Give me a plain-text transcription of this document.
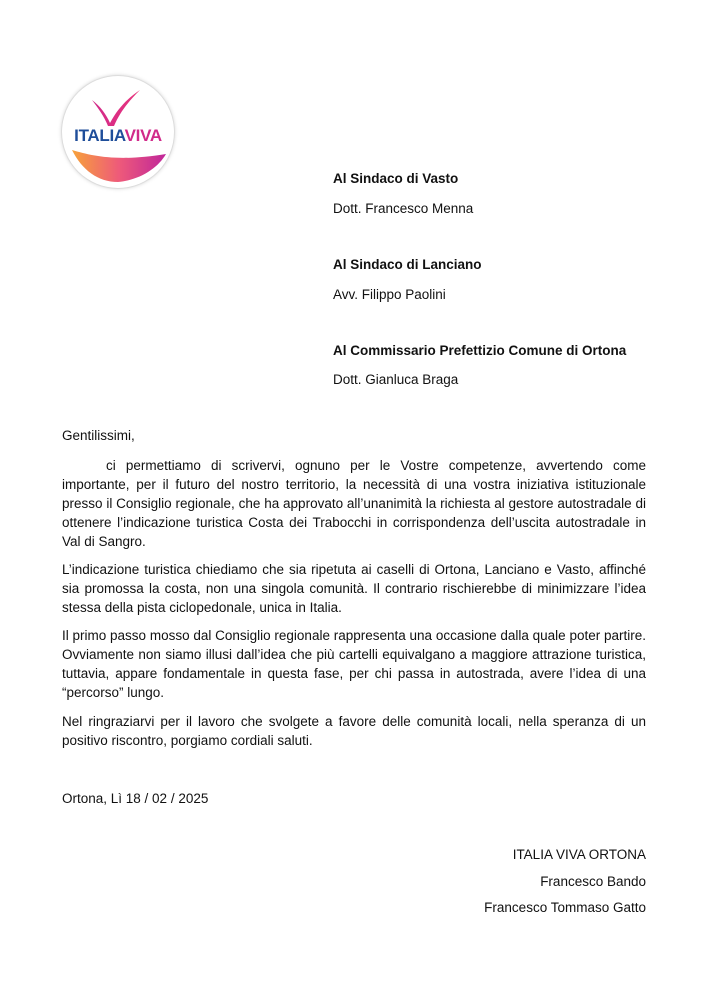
ITALIAVIVA
Al Sindaco di Vasto
Dott. Francesco Menna
Al Sindaco di Lanciano
Avv. Filippo Paolini
Al Commissario Prefettizio Comune di Ortona
Dott. Gianluca Braga
Gentilissimi,

ci permettiamo di scrivervi, ognuno per le Vostre competenze, avvertendo come importante, per il futuro del nostro territorio, la necessità di una vostra iniziativa istituzionale presso il Consiglio regionale, che ha approvato all’unanimità la richiesta al gestore autostradale di ottenere l’indicazione turistica Costa dei Trabocchi in corrispondenza dell’uscita autostradale in Val di Sangro.

L’indicazione turistica chiediamo che sia ripetuta ai caselli di Ortona, Lanciano e Vasto, affinché sia promossa la costa, non una singola comunità. Il contrario rischierebbe di minimizzare l’idea stessa della pista ciclopedonale, unica in Italia.

Il primo passo mosso dal Consiglio regionale rappresenta una occasione dalla quale poter partire. Ovviamente non siamo illusi dall’idea che più cartelli equivalgano a maggiore attrazione turistica, tuttavia, appare fondamentale in questa fase, per chi passa in autostrada, avere l’idea di una “percorso” lungo.

Nel ringraziarvi per il lavoro che svolgete a favore delle comunità locali, nella speranza di un positivo riscontro, porgiamo cordiali saluti.

Ortona, Lì 18 / 02 / 2025
ITALIA VIVA ORTONA
Francesco Bando
Francesco Tommaso Gatto
